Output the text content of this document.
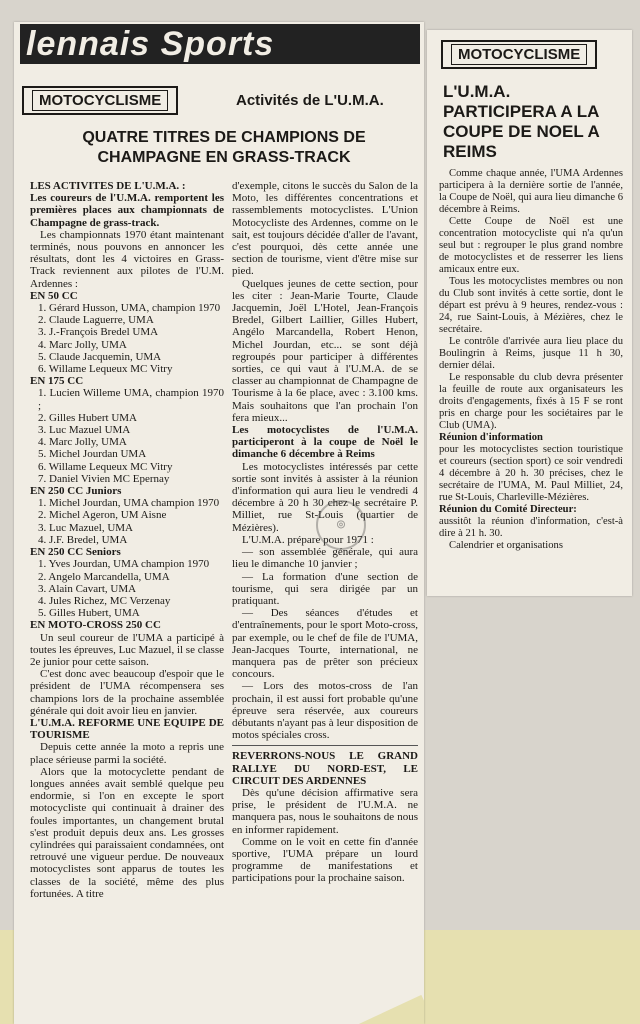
lennais Sports
MOTOCYCLISME	Activités de L'U.M.A.
QUATRE TITRES DE CHAMPIONS DE CHAMPAGNE EN GRASS-TRACK

LES ACTIVITES DE L'U.M.A. :

Les coureurs de l'U.M.A. remportent les premières places aux championnats de Champagne de grass-track.

Les championnats 1970 étant maintenant terminés, nous pouvons en annoncer les résultats, dont les 4 victoires en Grass-Track reviennent aux pilotes de l'U.M. Ardennes :

EN 50 CC

1. Gérard Husson, UMA, champion 1970

2. Claude Laguerre, UMA

3. J.-François Bredel UMA

4. Marc Jolly, UMA

5. Claude Jacquemin, UMA

6. Willame Lequeux MC Vitry

EN 175 CC

1. Lucien Willeme UMA, champion 1970 ;

2. Gilles Hubert UMA

3. Luc Mazuel UMA

4. Marc Jolly, UMA

5. Michel Jourdan UMA

6. Willame Lequeux MC Vitry

7. Daniel Vivien MC Epernay

EN 250 CC Juniors

1. Michel Jourdan, UMA champion 1970

2. Michel Ageron, UM Aisne

3. Luc Mazuel, UMA

4. J.F. Bredel, UMA

EN 250 CC Seniors

1. Yves Jourdan, UMA champion 1970

2. Angelo Marcandella, UMA

3. Alain Cavart, UMA

4. Jules Richez, MC Verzenay

5. Gilles Hubert, UMA

EN MOTO-CROSS 250 CC

Un seul coureur de l'UMA a participé à toutes les épreuves, Luc Mazuel, il se classe 2e junior pour cette saison.

C'est donc avec beaucoup d'espoir que le président de l'UMA récompensera ses champions lors de la prochaine assemblée générale qui doit avoir lieu en janvier.

L'U.M.A. REFORME UNE EQUIPE DE TOURISME

Depuis cette année la moto a repris une place sérieuse parmi la société.

Alors que la motocyclette pendant de longues années avait semblé quelque peu endormie, si l'on en excepte le sport motocycliste qui continuait à drainer des foules importantes, un changement brutal s'est produit depuis deux ans. Les grosses cylindrées qui paraissaient condamnées, ont retrouvé une vigueur perdue. De nouveaux motocyclistes sont apparus de toutes les classes de la société, même des plus fortunées. A titre

d'exemple, citons le succès du Salon de la Moto, les différentes concentrations et rassemblements motocyclistes. L'Union Motocycliste des Ardennes, comme on le sait, est toujours décidée d'aller de l'avant, c'est pourquoi, dès cette année une section de tourisme, vient d'être mise sur pied.

Quelques jeunes de cette section, pour les citer : Jean-Marie Tourte, Claude Jacquemin, Joël L'Hotel, Jean-François Bredel, Gilbert Laillier, Gilles Hubert, Angélo Marcandella, Robert Henon, Michel Jourdan, etc... se sont déjà regroupés pour participer à différentes sorties, ce qui vaut à l'U.M.A. de se classer au championnat de Champagne de Tourisme à la 6e place, avec : 3.100 kms. Mais souhaitons que l'an prochain l'on fera mieux...

Les motocyclistes de l'U.M.A. participeront à la coupe de Noël le dimanche 6 décembre à Reims

Les motocyclistes intéressés par cette sortie sont invités à assister à la réunion d'information qui aura lieu le vendredi 4 décembre à 20 h 30 chez le secrétaire P. Milliet, rue St-Louis (quartier de Mézières).

L'U.M.A. prépare pour 1971 :

— son assemblée générale, qui aura lieu le dimanche 10 janvier ;

— La formation d'une section de tourisme, qui sera dirigée par un pratiquant.

— Des séances d'études et d'entraînements, pour le sport Moto-cross, par exemple, ou le chef de file de l'UMA, Jean-Jacques Tourte, international, ne manquera pas de prêter son précieux concours.

— Lors des motos-cross de l'an prochain, il est aussi fort probable qu'une épreuve sera réservée, aux coureurs débutants n'ayant pas à leur disposition de motos spéciales cross.

REVERRONS-NOUS LE GRAND RALLYE DU NORD-EST, LE CIRCUIT DES ARDENNES

Dès qu'une décision affirmative sera prise, le président de l'U.M.A. ne manquera pas, nous le souhaitons de nous en informer rapidement.

Comme on le voit en cette fin d'année sportive, l'UMA prépare un lourd programme de manifestations et participations pour la prochaine saison.

◎
MOTOCYCLISME
L'U.M.A. PARTICIPERA A LA COUPE DE NOEL A REIMS

Comme chaque année, l'UMA Ardennes participera à la dernière sortie de l'année, la Coupe de Noël, qui aura lieu dimanche 6 décembre à Reims.

Cette Coupe de Noël est une concentration motocycliste qui n'a qu'un seul but : regrouper le plus grand nombre de motocyclistes et de resserrer les liens amicaux entre eux.

Tous les motocyclistes membres ou non du Club sont invités à cette sortie, dont le départ est prévu à 9 heures, rendez-vous : 24, rue Saint-Louis, à Mézières, chez le secrétaire.

Le contrôle d'arrivée aura lieu place du Boulingrin à Reims, jusque 11 h 30, dernier délai.

Le responsable du club devra présenter la feuille de route aux organisateurs les droits d'engagements, fixés à 15 F se ront pris en charge pour les sociétaires par le Club (UMA).

Réunion d'information

pour les motocyclistes section touristique et coureurs (section sport) ce soir vendredi 4 décembre à 20 h. 30 précises, chez le secrétaire de l'UMA, M. Paul Milliet, 24, rue St-Louis, Charleville-Mézières.

Réunion du Comité Directeur:

aussitôt la réunion d'information, c'est-à dire à 21 h. 30.

Calendrier et organisations
